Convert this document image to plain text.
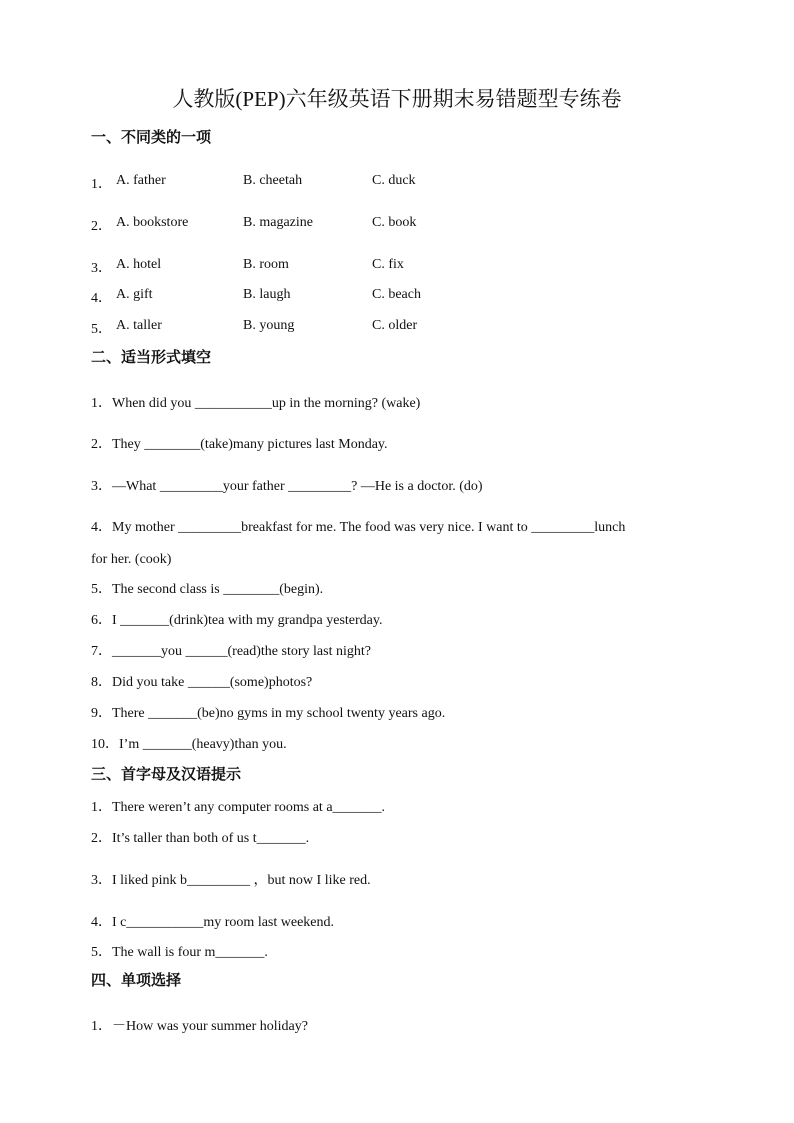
人教版(PEP)六年级英语下册期末易错题型专练卷
一、不同类的一项
1． A. father	B. cheetah	C. duck
2． A. bookstore	B. magazine	C. book
3． A. hotel	B. room	C. fix
4． A. gift	B. laugh	C. beach
5． A. taller	B. young	C. older
二、适当形式填空
1．When did you ___________up in the morning? (wake)
2．They ________(take)many pictures last Monday.
3．—What _________your father _________? —He is a doctor. (do)
4．My mother _________breakfast for me. The food was very nice. I want to _________lunch
for her. (cook)
5．The second class is ________(begin).
6．I _______(drink)tea with my grandpa yesterday.
7．_______you ______(read)the story last night?
8．Did you take ______(some)photos?
9．There _______(be)no gyms in my school twenty years ago.
10．I’m _______(heavy)than you.
三、首字母及汉语提示
1．There weren’t any computer rooms at a_______.
2．It’s taller than both of us t_______.
3．I liked pink b_________ ，but now I like red.
4．I c___________my room last weekend.
5．The wall is four m_______.
四、单项选择
1．－How was your summer holiday?
